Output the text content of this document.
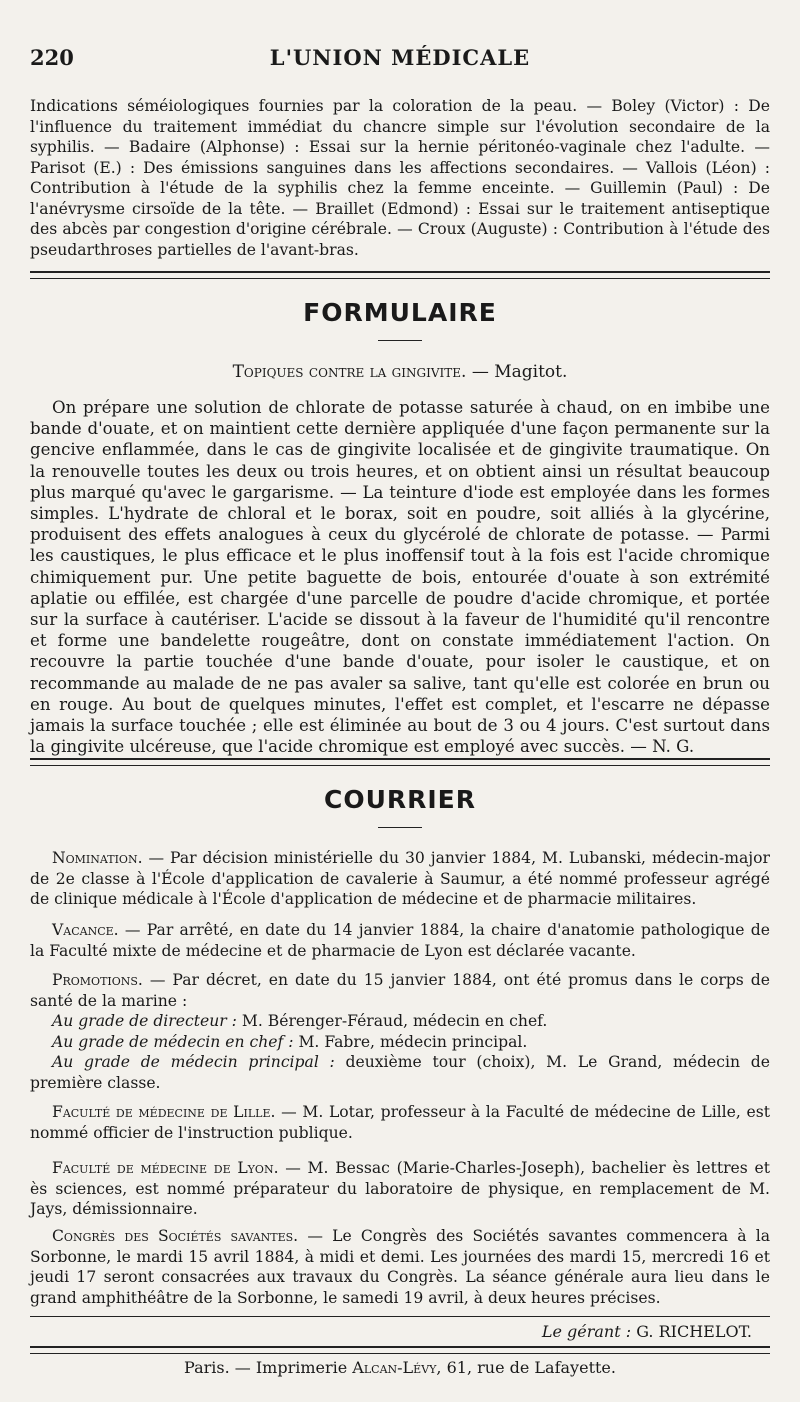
220	L'UNION MÉDICALE

Indications séméiologiques fournies par la coloration de la peau. — Boley (Victor) : De l'influence du traitement immédiat du chancre simple sur l'évolution secondaire de la syphilis. — Badaire (Alphonse) : Essai sur la hernie péritonéo-vaginale chez l'adulte. — Parisot (E.) : Des émissions sanguines dans les affections secondaires. — Vallois (Léon) : Contribution à l'étude de la syphilis chez la femme enceinte. — Guillemin (Paul) : De l'anévrysme cirsoïde de la tête. — Braillet (Edmond) : Essai sur le traitement antiseptique des abcès par congestion d'origine cérébrale. — Croux (Auguste) : Contribution à l'étude des pseudarthroses partielles de l'avant-bras.

FORMULAIRE
Topiques contre la gingivite. — Magitot.

On prépare une solution de chlorate de potasse saturée à chaud, on en imbibe une bande d'ouate, et on maintient cette dernière appliquée d'une façon permanente sur la gencive enflammée, dans le cas de gingivite localisée et de gingivite traumatique. On la renouvelle toutes les deux ou trois heures, et on obtient ainsi un résultat beaucoup plus marqué qu'avec le gargarisme. — La teinture d'iode est employée dans les formes simples. L'hydrate de chloral et le borax, soit en poudre, soit alliés à la glycérine, produisent des effets analogues à ceux du glycérolé de chlorate de potasse. — Parmi les caustiques, le plus efficace et le plus inoffensif tout à la fois est l'acide chromique chimiquement pur. Une petite baguette de bois, entourée d'ouate à son extrémité aplatie ou effilée, est chargée d'une parcelle de poudre d'acide chromique, et portée sur la surface à cautériser. L'acide se dissout à la faveur de l'humidité qu'il rencontre et forme une bandelette rougeâtre, dont on constate immédiatement l'action. On recouvre la partie touchée d'une bande d'ouate, pour isoler le caustique, et on recommande au malade de ne pas avaler sa salive, tant qu'elle est colorée en brun ou en rouge. Au bout de quelques minutes, l'effet est complet, et l'escarre ne dépasse jamais la surface touchée ; elle est éliminée au bout de 3 ou 4 jours. C'est surtout dans la gingivite ulcéreuse, que l'acide chromique est employé avec succès. — N. G.

COURRIER

Nomination. — Par décision ministérielle du 30 janvier 1884, M. Lubanski, médecin-major de 2e classe à l'École d'application de cavalerie à Saumur, a été nommé professeur agrégé de clinique médicale à l'École d'application de médecine et de pharmacie militaires.

Vacance. — Par arrêté, en date du 14 janvier 1884, la chaire d'anatomie pathologique de la Faculté mixte de médecine et de pharmacie de Lyon est déclarée vacante.

Promotions. — Par décret, en date du 15 janvier 1884, ont été promus dans le corps de santé de la marine :

Au grade de directeur : M. Bérenger-Féraud, médecin en chef.

Au grade de médecin en chef : M. Fabre, médecin principal.

Au grade de médecin principal : deuxième tour (choix), M. Le Grand, médecin de première classe.

Faculté de médecine de Lille. — M. Lotar, professeur à la Faculté de médecine de Lille, est nommé officier de l'instruction publique.

Faculté de médecine de Lyon. — M. Bessac (Marie-Charles-Joseph), bachelier ès lettres et ès sciences, est nommé préparateur du laboratoire de physique, en remplacement de M. Jays, démissionnaire.

Congrès des Sociétés savantes. — Le Congrès des Sociétés savantes commencera à la Sorbonne, le mardi 15 avril 1884, à midi et demi. Les journées des mardi 15, mercredi 16 et jeudi 17 seront consacrées aux travaux du Congrès. La séance générale aura lieu dans le grand amphithéâtre de la Sorbonne, le samedi 19 avril, à deux heures précises.

Le gérant : G. RICHELOT.
Paris. — Imprimerie Alcan-Lévy, 61, rue de Lafayette.
